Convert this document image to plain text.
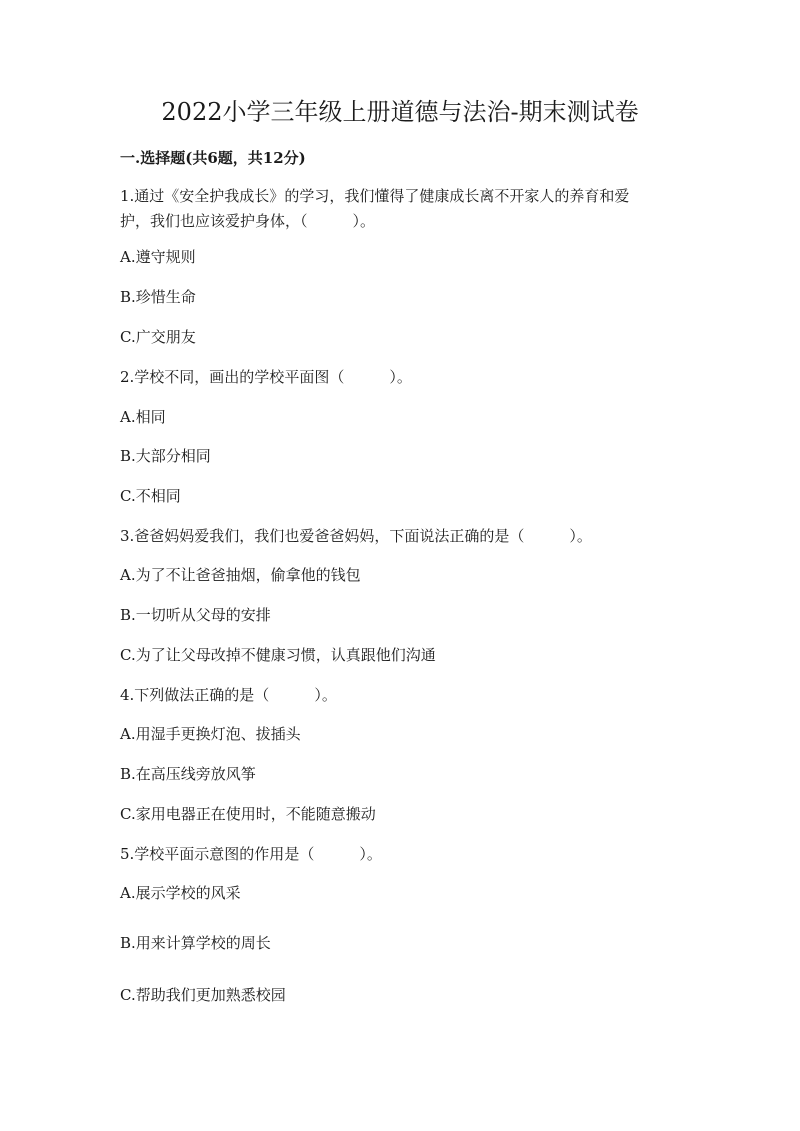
2022小学三年级上册道德与法治-期末测试卷
一.选择题(共6题，共12分)
1.通过《安全护我成长》的学习，我们懂得了健康成长离不开家人的养育和爱
护，我们也应该爱护身体，（　　　）。
A.遵守规则
B.珍惜生命
C.广交朋友
2.学校不同，画出的学校平面图（　　　）。
A.相同
B.大部分相同
C.不相同
3.爸爸妈妈爱我们，我们也爱爸爸妈妈，下面说法正确的是（　　　）。
A.为了不让爸爸抽烟，偷拿他的钱包
B.一切听从父母的安排
C.为了让父母改掉不健康习惯，认真跟他们沟通
4.下列做法正确的是（　　　）。
A.用湿手更换灯泡、拔插头
B.在高压线旁放风筝
C.家用电器正在使用时，不能随意搬动
5.学校平面示意图的作用是（　　　）。
A.展示学校的风采
B.用来计算学校的周长
C.帮助我们更加熟悉校园
